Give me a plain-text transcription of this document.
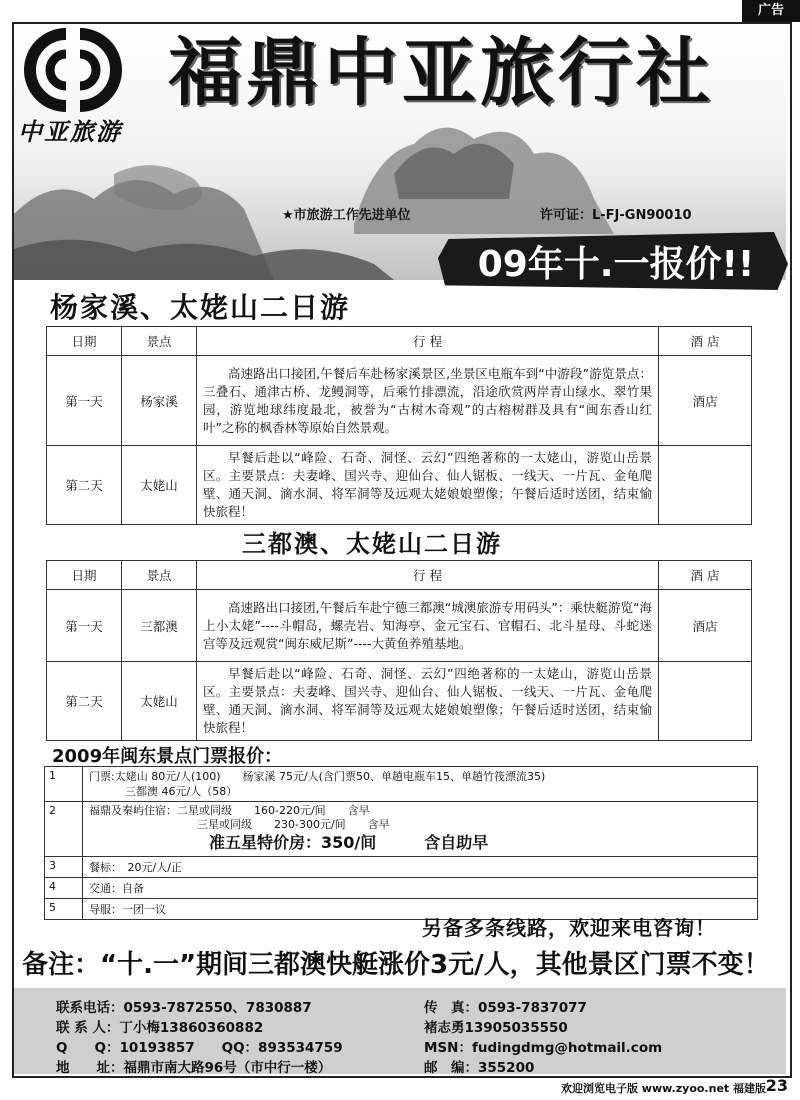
广告
中亚旅游
福鼎中亚旅行社
★市旅游工作先进单位	许可证：L-FJ-GN90010
09年十.一报价!!
杨家溪、太姥山二日游
日期	景点	行 程	酒 店
第一天	杨家溪	高速路出口接团,午餐后车赴杨家溪景区,坐景区电瓶车到“中游段”游览景点：三叠石、通津古桥、龙鳗洞等，后乘竹排漂流，沿途欣赏两岸青山绿水、翠竹果园，游览地球纬度最北，被誉为“古树木奇观”的古榕树群及具有“闽东香山红叶”之称的枫香林等原始自然景观。	酒店
第二天	太姥山	早餐后赴以“峰险、石奇、洞怪、云幻”四绝著称的一太姥山，游览山岳景区。主要景点：夫妻峰、国兴寺、迎仙台、仙人锯板、一线天、一片瓦、金龟爬壁、通天洞、滴水洞、将军洞等及远观太姥娘娘塑像；午餐后适时送团，结束愉快旅程！	
三都澳、太姥山二日游
日期	景点	行 程	酒 店
第一天	三都澳	高速路出口接团,午餐后车赴宁德三都澳“城澳旅游专用码头”：乘快艇游览“海上小太姥”----斗帽岛，螺壳岩、知海亭、金元宝石、官帽石、北斗星母、斗蛇迷宫等及远观赏“闽东威尼斯”----大黄鱼养殖基地。	酒店
第二天	太姥山	早餐后赴以“峰险、石奇、洞怪、云幻”四绝著称的一太姥山，游览山岳景区。主要景点：夫妻峰、国兴寺、迎仙台、仙人锯板、一线天、一片瓦、金龟爬壁、通天洞、滴水洞、将军洞等及远观太姥娘娘塑像；午餐后适时送团，结束愉快旅程！	
2009年闽东景点门票报价：
1	门票:太姥山 80元/人(100)　　杨家溪 75元/人(含门票50、单趟电瓶车15、单趟竹筏漂流35)
三都澳 46元/人（58）
2	福鼎及秦屿住宿：二星或同级　　160-220元/间　　含早
三星或同级　　230-300元/间　　含早
准五星特价房：350/间　　　含自助早
3	餐标：　20元/人/正
4	交通：自备
5	导服：一团一议
另备多条线路，欢迎来电咨询！
备注：“十.一”期间三都澳快艇涨价3元/人，其他景区门票不变！
联系电话：0593-7872550、7830887	传　真：0593-7837077
联 系 人：丁小梅13860360882	褚志勇13905035550
Q　　Q：10193857　　QQ：893534759	MSN：fudingdmg@hotmail.com
地　　址：福鼎市南大路96号（市中行一楼）	邮　编：355200
欢迎浏览电子版 www.zyoo.net 福建版 23
